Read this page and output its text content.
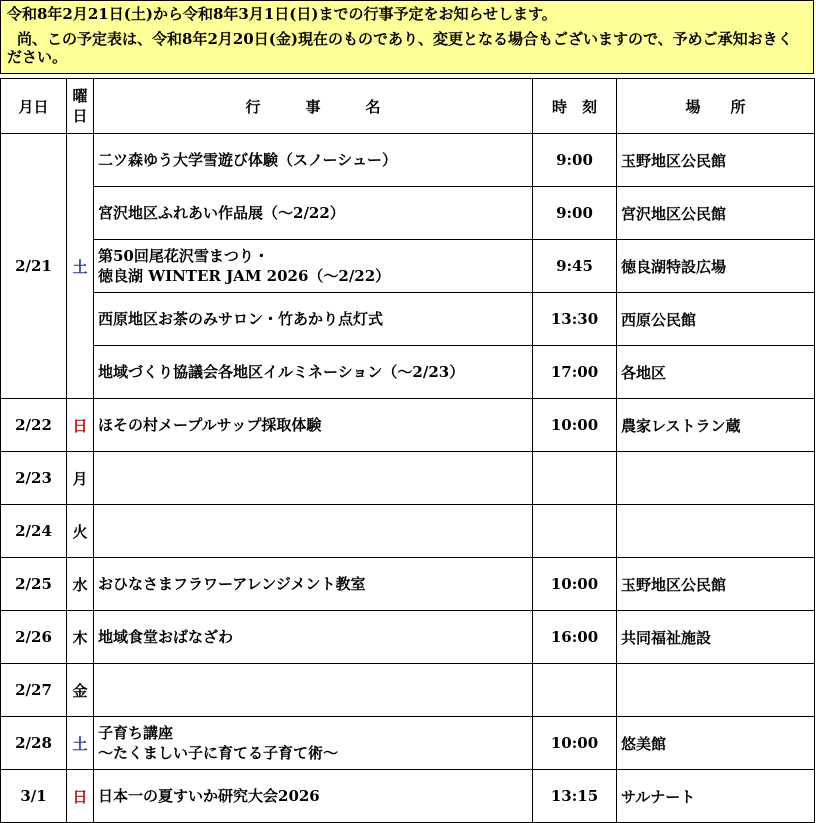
令和8年2月21日(土)から令和8年3月1日(日)までの行事予定をお知らせします。

尚、この予定表は、令和8年2月20日(金)現在のものであり、変更となる場合もございますので、予めご承知おきください。

月日	曜日	行　　　事　　　名	時　刻	場　　所
2/21	土	二ツ森ゆう大学雪遊び体験（スノーシュー）	9:00	玉野地区公民館
		宮沢地区ふれあい作品展（～2/22）	9:00	宮沢地区公民館
		第50回尾花沢雪まつり・
徳良湖 WINTER JAM 2026（～2/22）	9:45	徳良湖特設広場
		西原地区お茶のみサロン・竹あかり点灯式	13:30	西原公民館
		地域づくり協議会各地区イルミネーション（～2/23）	17:00	各地区
2/22	日	ほその村メープルサップ採取体験	10:00	農家レストラン蔵
2/23	月			
2/24	火			
2/25	水	おひなさまフラワーアレンジメント教室	10:00	玉野地区公民館
2/26	木	地域食堂おばなざわ	16:00	共同福祉施設
2/27	金			
2/28	土	子育ち講座
～たくましい子に育てる子育て術～	10:00	悠美館
3/1	日	日本一の夏すいか研究大会2026	13:15	サルナート
